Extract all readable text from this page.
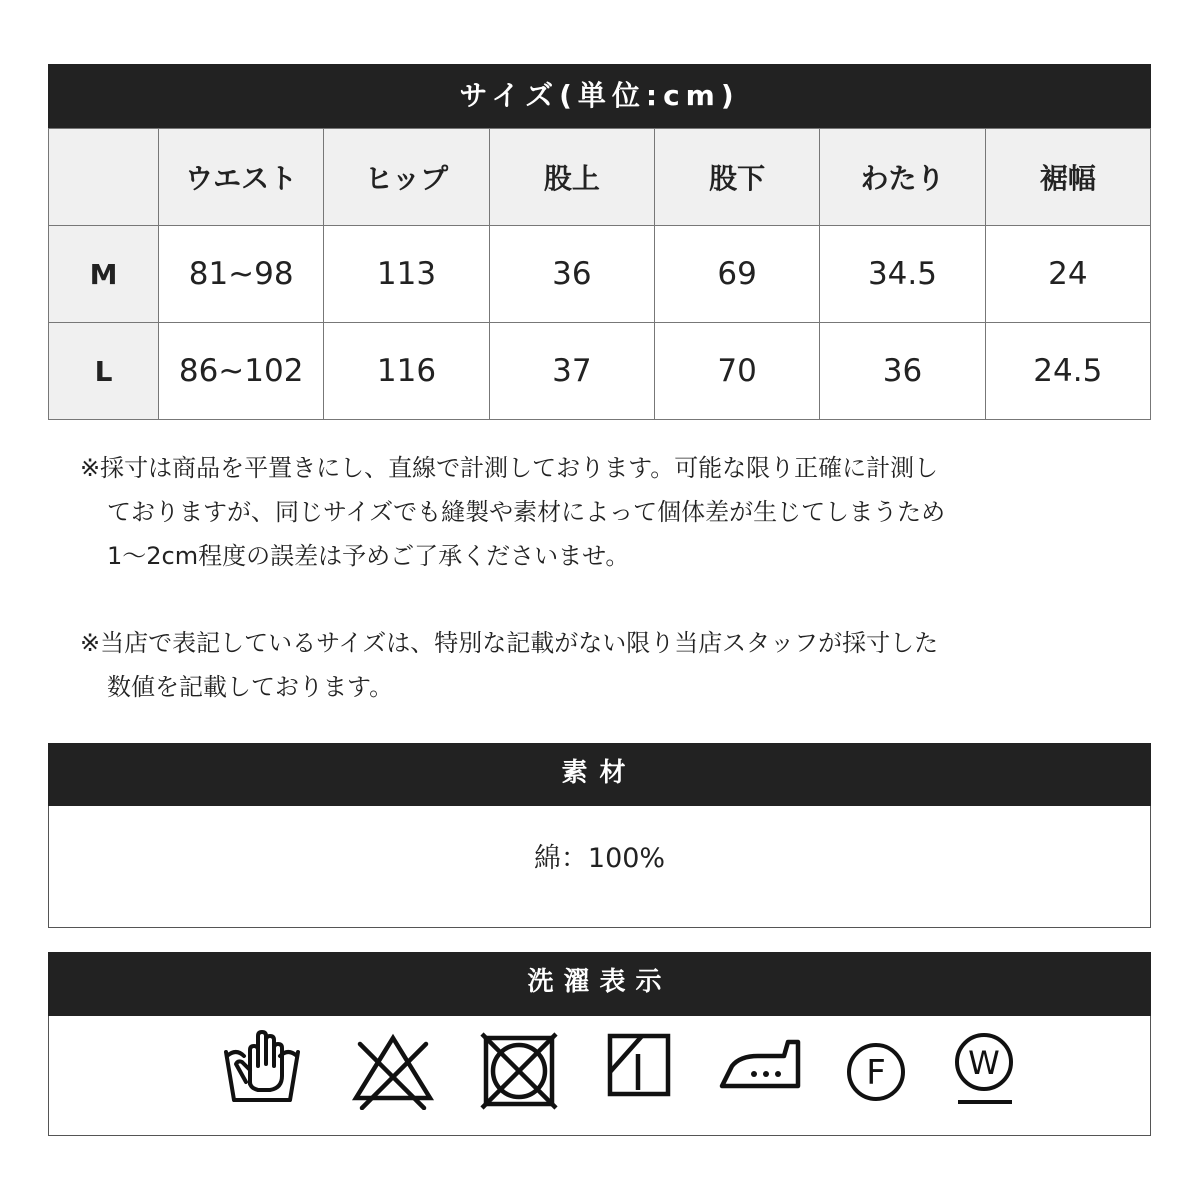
サイズ(単位:cm)
	ウエスト	ヒップ	股上	股下	わたり	裾幅
M	81~98	113	36	69	34.5	24
L	86~102	116	37	70	36	24.5
※採寸は商品を平置きにし、直線で計測しております。可能な限り正確に計測し
ておりますが、同じサイズでも縫製や素材によって個体差が生じてしまうため
1～2cm程度の誤差は予めご了承くださいませ。
※当店で表記しているサイズは、特別な記載がない限り当店スタッフが採寸した
数値を記載しております。
素材
綿：100%
洗濯表示
F	W
